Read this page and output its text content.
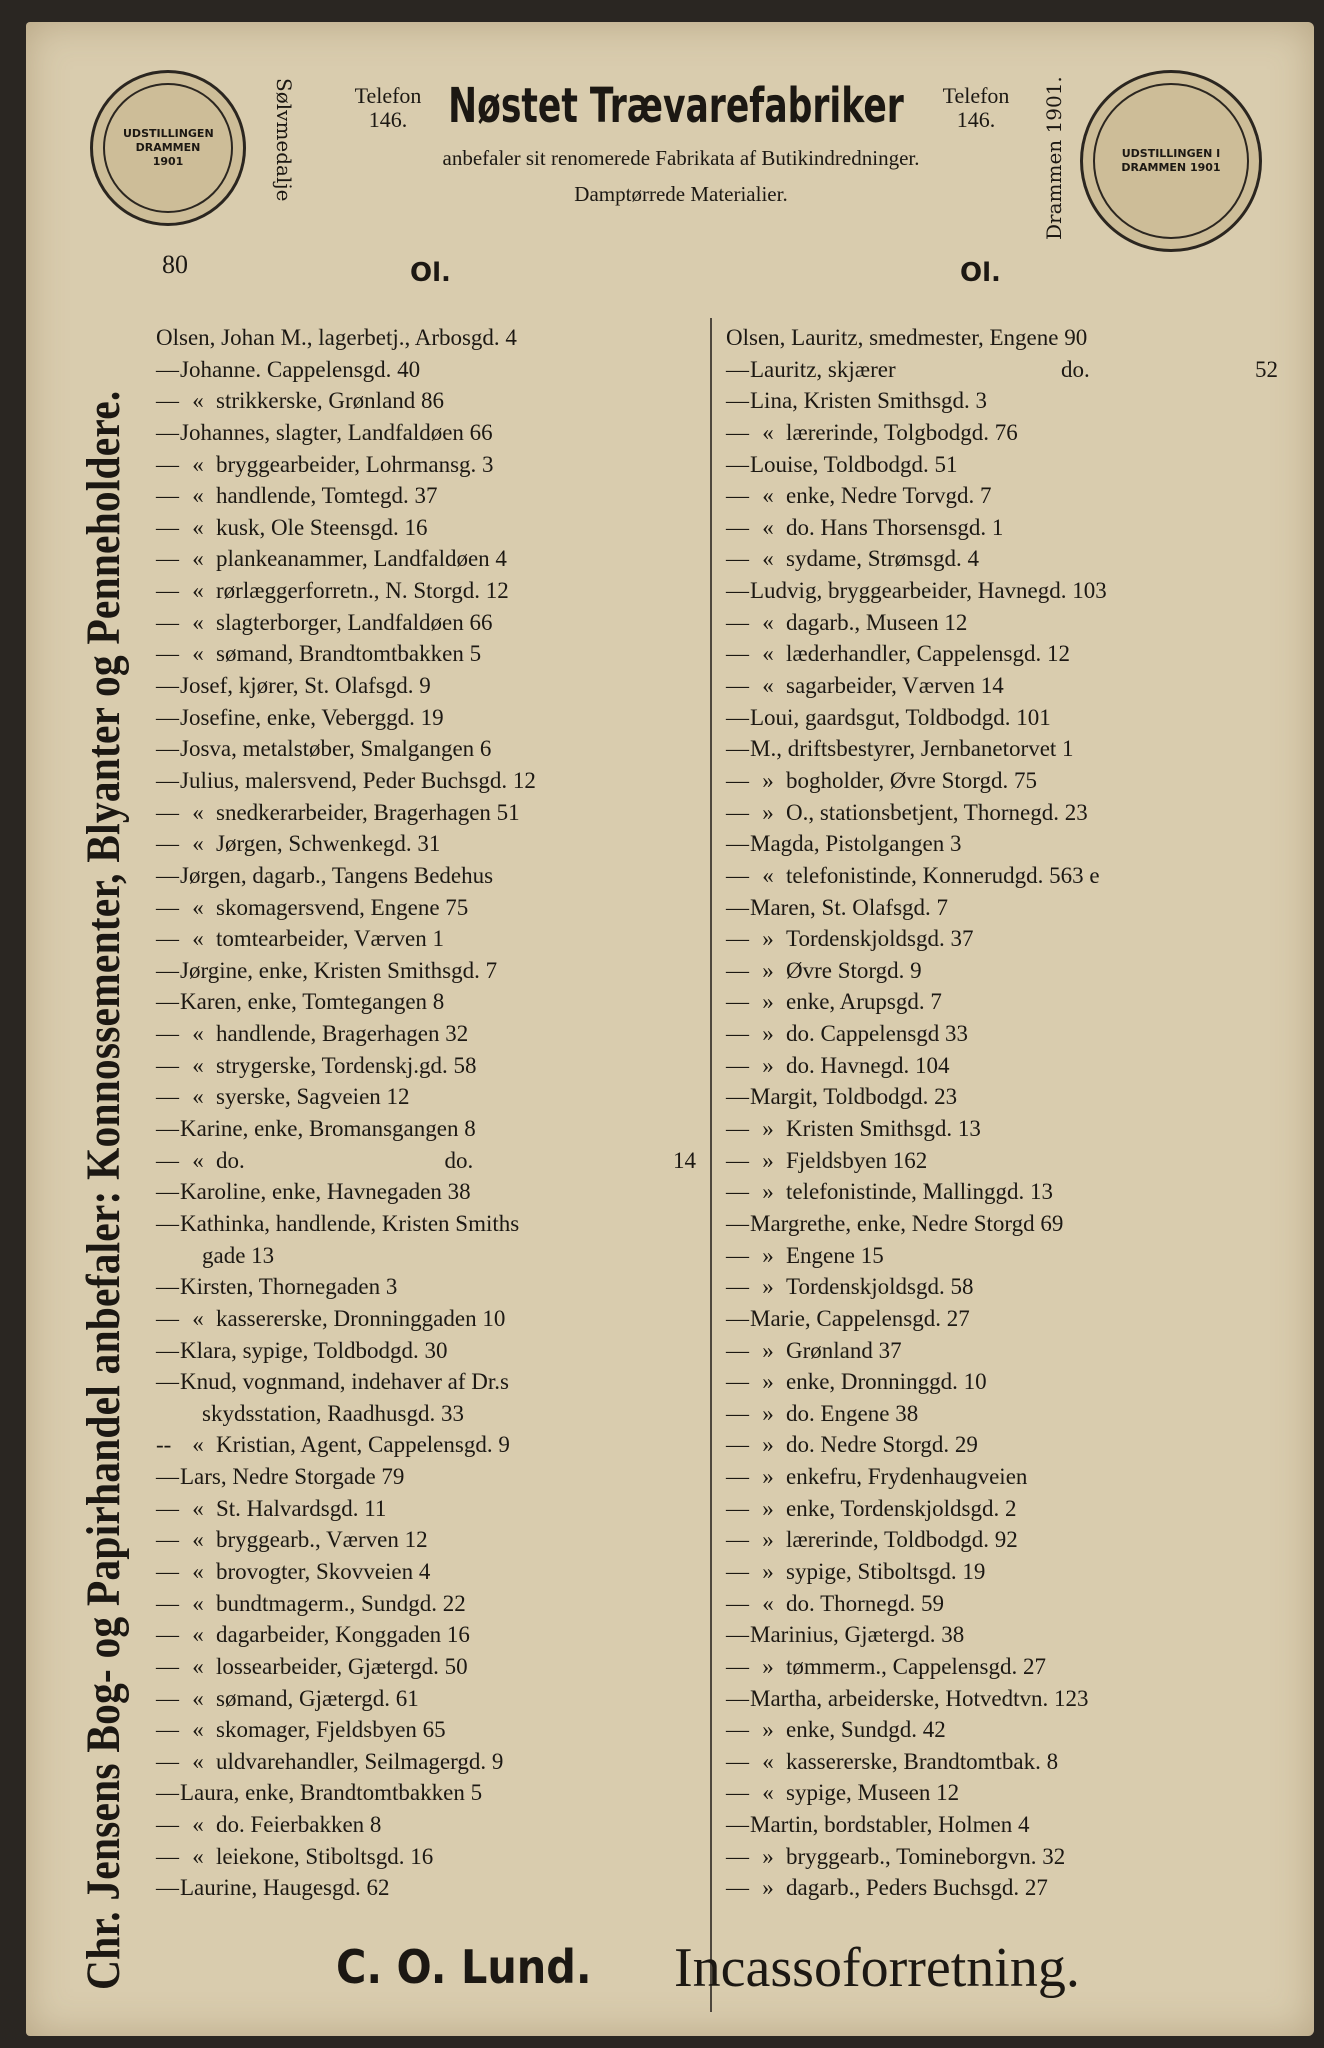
UDSTILLINGEN DRAMMEN 1901	Sølvmedalje	Telefon
146. Nøstet Trævarefabriker	Telefon
146.
anbefaler sit renomerede Fabrikata af Butikindredninger.
Damptørrede Materialier.	Drammen 1901.	UDSTILLINGEN I DRAMMEN 1901
80	Ol.	Ol.
Chr. Jensens Bog- og Papirhandel anbefaler: Konnossementer, Blyanter og Penneholdere.
Olsen, Johan M., lagerbetj., Arbosgd. 4
— Johanne. Cappelensgd. 40
— « strikkerske, Grønland 86
— Johannes, slagter, Landfaldøen 66
— « bryggearbeider, Lohrmansg. 3
— « handlende, Tomtegd. 37
— « kusk, Ole Steensgd. 16
— « plankeanammer, Landfaldøen 4
— « rørlæggerforretn., N. Storgd. 12
— « slagterborger, Landfaldøen 66
— « sømand, Brandtomtbakken 5
— Josef, kjører, St. Olafsgd. 9
— Josefine, enke, Veberggd. 19
— Josva, metalstøber, Smalgangen 6
— Julius, malersvend, Peder Buchsgd. 12
— « snedkerarbeider, Bragerhagen 51
— « Jørgen, Schwenkegd. 31
— Jørgen, dagarb., Tangens Bedehus
— « skomagersvend, Engene 75
— « tomtearbeider, Værven 1
— Jørgine, enke, Kristen Smithsgd. 7
— Karen, enke, Tomtegangen 8
— « handlende, Bragerhagen 32
— « strygerske, Tordenskj.gd. 58
— « syerske, Sagveien 12
— Karine, enke, Bromansgangen 8
— « do.	do.	14
— Karoline, enke, Havnegaden 38
— Kathinka, handlende, Kristen Smiths
gade 13
— Kirsten, Thornegaden 3
— « kassererske, Dronninggaden 10
— Klara, sypige, Toldbodgd. 30
— Knud, vognmand, indehaver af Dr.s
skydsstation, Raadhusgd. 33
-- « Kristian, Agent, Cappelensgd. 9
— Lars, Nedre Storgade 79
— « St. Halvardsgd. 11
— « bryggearb., Værven 12
— « brovogter, Skovveien 4
— « bundtmagerm., Sundgd. 22
— « dagarbeider, Konggaden 16
— « lossearbeider, Gjætergd. 50
— « sømand, Gjætergd. 61
— « skomager, Fjeldsbyen 65
— « uldvarehandler, Seilmagergd. 9
— Laura, enke, Brandtomtbakken 5
— « do. Feierbakken 8
— « leiekone, Stiboltsgd. 16
— Laurine, Haugesgd. 62
Olsen, Lauritz, smedmester, Engene 90
— Lauritz, skjærer	do.	52
— Lina, Kristen Smithsgd. 3
— « lærerinde, Tolgbodgd. 76
— Louise, Toldbodgd. 51
— « enke, Nedre Torvgd. 7
— « do. Hans Thorsensgd. 1
— « sydame, Strømsgd. 4
— Ludvig, bryggearbeider, Havnegd. 103
— « dagarb., Museen 12
— « læderhandler, Cappelensgd. 12
— « sagarbeider, Værven 14
— Loui, gaardsgut, Toldbodgd. 101
— M., driftsbestyrer, Jernbanetorvet 1
— » bogholder, Øvre Storgd. 75
— » O., stationsbetjent, Thornegd. 23
— Magda, Pistolgangen 3
— « telefonistinde, Konnerudgd. 563 e
— Maren, St. Olafsgd. 7
— » Tordenskjoldsgd. 37
— » Øvre Storgd. 9
— » enke, Arupsgd. 7
— » do. Cappelensgd 33
— » do. Havnegd. 104
— Margit, Toldbodgd. 23
— » Kristen Smithsgd. 13
— » Fjeldsbyen 162
— » telefonistinde, Mallinggd. 13
— Margrethe, enke, Nedre Storgd 69
— » Engene 15
— » Tordenskjoldsgd. 58
— Marie, Cappelensgd. 27
— » Grønland 37
— » enke, Dronninggd. 10
— » do. Engene 38
— » do. Nedre Storgd. 29
— » enkefru, Frydenhaugveien
— » enke, Tordenskjoldsgd. 2
— » lærerinde, Toldbodgd. 92
— » sypige, Stiboltsgd. 19
— « do. Thornegd. 59
— Marinius, Gjætergd. 38
— » tømmerm., Cappelensgd. 27
— Martha, arbeiderske, Hotvedtvn. 123
— » enke, Sundgd. 42
— « kassererske, Brandtomtbak. 8
— « sypige, Museen 12
— Martin, bordstabler, Holmen 4
— » bryggearb., Tomineborgvn. 32
— » dagarb., Peders Buchsgd. 27
C. O. Lund. Incassoforretning.
